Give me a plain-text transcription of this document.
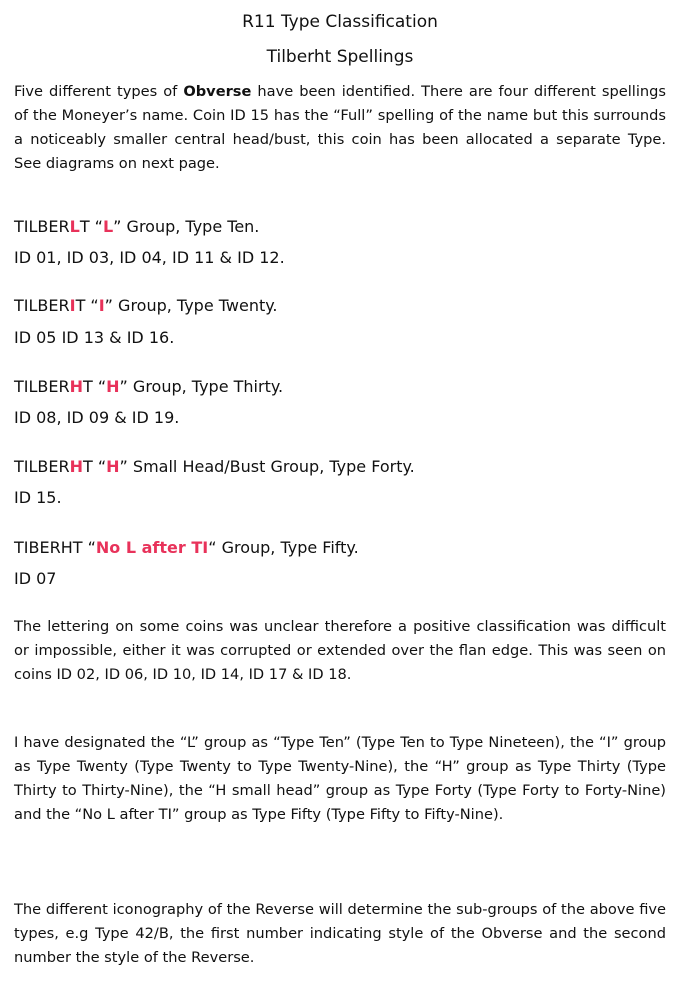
R11 Type Classification
Tilberht Spellings
Five different types of Obverse have been identified. There are four different spellings of the Moneyer’s name. Coin ID 15 has the “Full” spelling of the name but this surrounds a noticeably smaller central head/bust, this coin has been allocated a separate Type. See diagrams on next page.
TILBERLT “L” Group, Type Ten.
ID 01, ID 03, ID 04, ID 11 & ID 12.
TILBERIT “I” Group, Type Twenty.
ID 05 ID 13 & ID 16.
TILBERHT “H” Group, Type Thirty.
ID 08, ID 09 & ID 19.
TILBERHT “H” Small Head/Bust Group, Type Forty.
ID 15.
TIBERHT “No L after TI“ Group, Type Fifty.
ID 07
The lettering on some coins was unclear therefore a positive classification was difficult or impossible, either it was corrupted or extended over the flan edge. This was seen on coins ID 02, ID 06, ID 10, ID 14, ID 17 & ID 18.
I have designated the “L” group as “Type Ten” (Type Ten to Type Nineteen), the “I” group as Type Twenty (Type Twenty to Type Twenty-Nine), the “H” group as Type Thirty (Type Thirty to Thirty-Nine), the “H small head” group as Type Forty (Type Forty to Forty-Nine) and the “No L after TI” group as Type Fifty (Type Fifty to Fifty-Nine).
The different iconography of the Reverse will determine the sub-groups of the above five types, e.g Type 42/B, the first number indicating style of the Obverse and the second number the style of the Reverse.
